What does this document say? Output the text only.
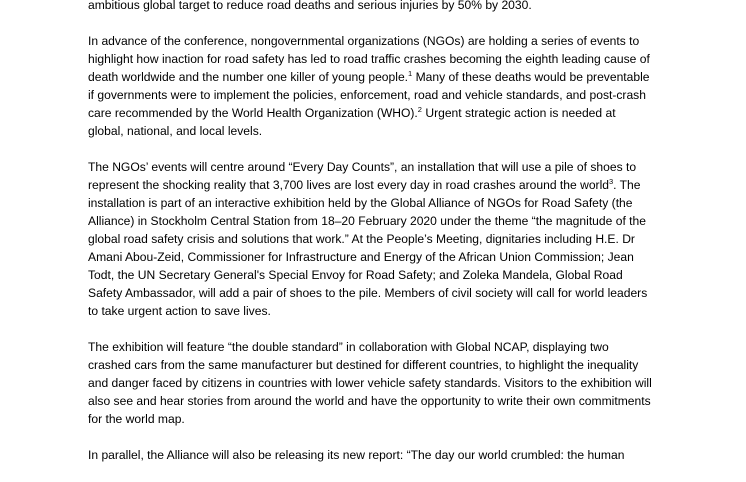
ambitious global target to reduce road deaths and serious injuries by 50% by 2030.
In advance of the conference, nongovernmental organizations (NGOs) are holding a series of events to
highlight how inaction for road safety has led to road traffic crashes becoming the eighth leading cause of
death worldwide and the number one killer of young people.$^1$ Many of these deaths would be preventable
if governments were to implement the policies, enforcement, road and vehicle standards, and post-crash
care recommended by the World Health Organization (WHO).$^2$ Urgent strategic action is needed at
global, national, and local levels.
The NGOs’ events will centre around “Every Day Counts”, an installation that will use a pile of shoes to
represent the shocking reality that 3,700 lives are lost every day in road crashes around the world$^3$. The
installation is part of an interactive exhibition held by the Global Alliance of NGOs for Road Safety (the
Alliance) in Stockholm Central Station from 18–20 February 2020 under the theme “the magnitude of the
global road safety crisis and solutions that work.” At the People’s Meeting, dignitaries including H.E. Dr
Amani Abou-Zeid, Commissioner for Infrastructure and Energy of the African Union Commission; Jean
Todt, the UN Secretary General's Special Envoy for Road Safety; and Zoleka Mandela, Global Road
Safety Ambassador, will add a pair of shoes to the pile. Members of civil society will call for world leaders
to take urgent action to save lives.
The exhibition will feature “the double standard” in collaboration with Global NCAP, displaying two
crashed cars from the same manufacturer but destined for different countries, to highlight the inequality
and danger faced by citizens in countries with lower vehicle safety standards. Visitors to the exhibition will
also see and hear stories from around the world and have the opportunity to write their own commitments
for the world map.
In parallel, the Alliance will also be releasing its new report: “The day our world crumbled: the human
